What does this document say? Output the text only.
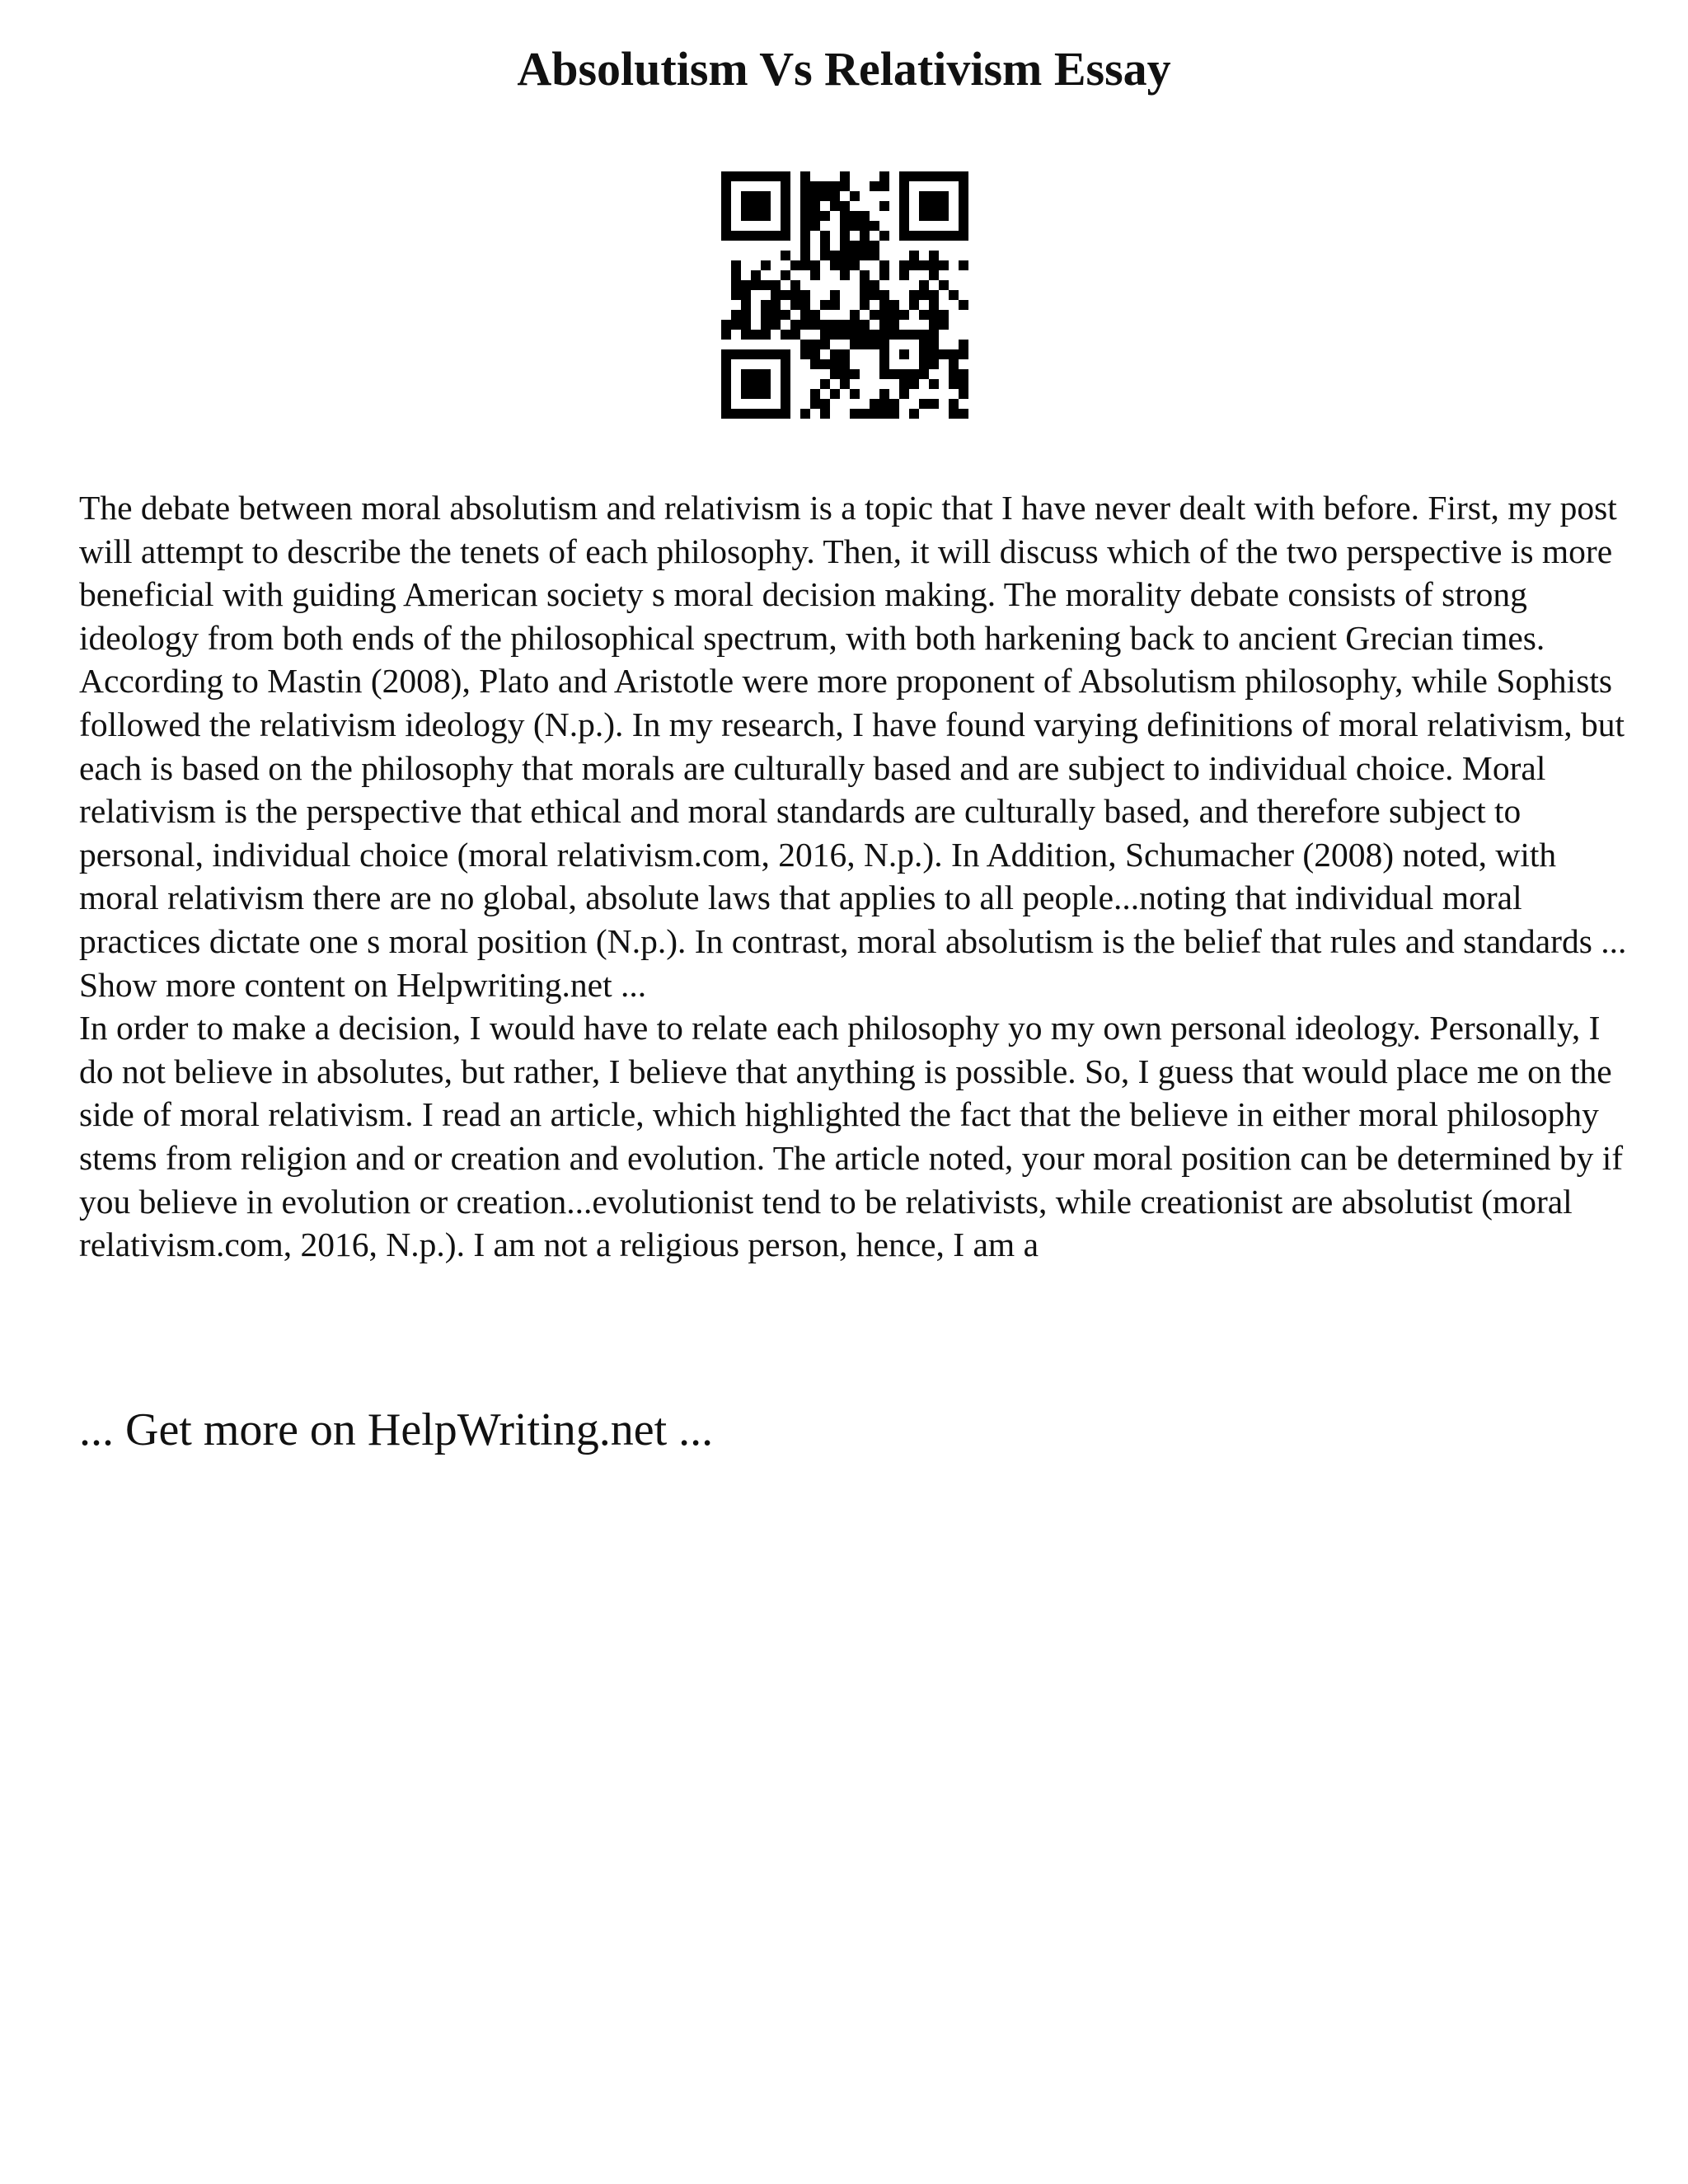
Absolutism Vs Relativism Essay

The debate between moral absolutism and relativism is a topic that I have never dealt with before. First, my post will attempt to describe the tenets of each philosophy. Then, it will discuss which of the two perspective is more beneficial with guiding American society s moral decision making. The morality debate consists of strong ideology from both ends of the philosophical spectrum, with both harkening back to ancient Grecian times. According to Mastin (2008), Plato and Aristotle were more proponent of Absolutism philosophy, while Sophists followed the relativism ideology (N.p.). In my research, I have found varying definitions of moral relativism, but each is based on the philosophy that morals are culturally based and are subject to individual choice. Moral relativism is the perspective that ethical and moral standards are culturally based, and therefore subject to personal, individual choice (moral relativism.com, 2016, N.p.). In Addition, Schumacher (2008) noted, with moral relativism there are no global, absolute laws that applies to all people...noting that individual moral practices dictate one s moral position (N.p.). In contrast, moral absolutism is the belief that rules and standards ... Show more content on Helpwriting.net ...

In order to make a decision, I would have to relate each philosophy yo my own personal ideology. Personally, I do not believe in absolutes, but rather, I believe that anything is possible. So, I guess that would place me on the side of moral relativism. I read an article, which highlighted the fact that the believe in either moral philosophy stems from religion and or creation and evolution. The article noted, your moral position can be determined by if you believe in evolution or creation...evolutionist tend to be relativists, while creationist are absolutist (moral relativism.com, 2016, N.p.). I am not a religious person, hence, I am a

... Get more on HelpWriting.net ...
